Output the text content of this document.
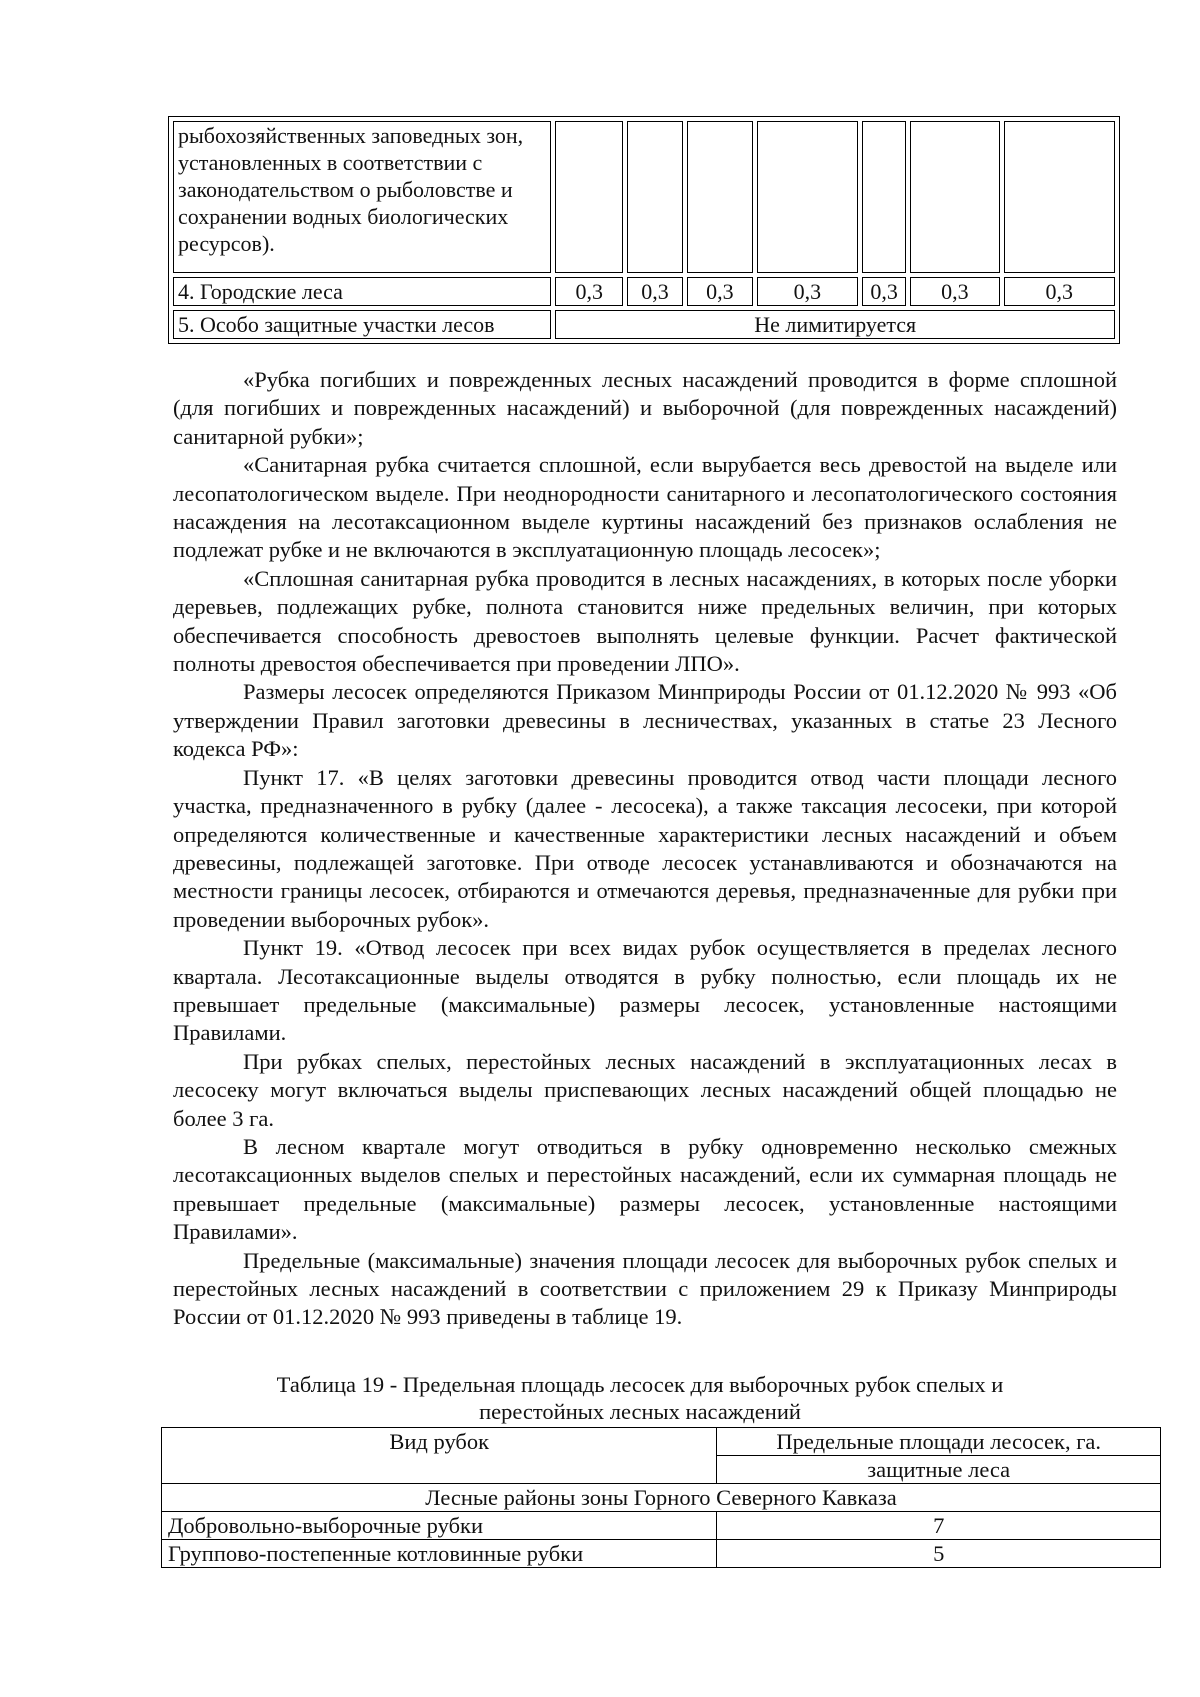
рыбохозяйственных заповедных зон, установленных в соответствии с законодательством о рыболовстве и сохранении водных биологических ресурсов).							
4. Городские леса	0,3	0,3	0,3	0,3	0,3	0,3	0,3
5. Особо защитные участки лесов	Не лимитируется						

«Рубка погибших и поврежденных лесных насаждений проводится в форме сплошной (для погибших и поврежденных насаждений) и выборочной (для поврежденных насаждений) санитарной рубки»;

«Санитарная рубка считается сплошной, если вырубается весь древостой на выделе или лесопатологическом выделе. При неоднородности санитарного и лесопатологического состояния насаждения на лесотаксационном выделе куртины насаждений без признаков ослабления не подлежат рубке и не включаются в эксплуатационную площадь лесосек»;

«Сплошная санитарная рубка проводится в лесных насаждениях, в которых после уборки деревьев, подлежащих рубке, полнота становится ниже предельных величин, при которых обеспечивается способность древостоев выполнять целевые функции. Расчет фактической полноты древостоя обеспечивается при проведении ЛПО».

Размеры лесосек определяются Приказом Минприроды России от 01.12.2020 № 993 «Об утверждении Правил заготовки древесины в лесничествах, указанных в статье 23 Лесного кодекса РФ»:

Пункт 17. «В целях заготовки древесины проводится отвод части площади лесного участка, предназначенного в рубку (далее - лесосека), а также таксация лесосеки, при которой определяются количественные и качественные характеристики лесных насаждений и объем древесины, подлежащей заготовке. При отводе лесосек устанавливаются и обозначаются на местности границы лесосек, отбираются и отмечаются деревья, предназначенные для рубки при проведении выборочных рубок».

Пункт 19. «Отвод лесосек при всех видах рубок осуществляется в пределах лесного квартала. Лесотаксационные выделы отводятся в рубку полностью, если площадь их не превышает предельные (максимальные) размеры лесосек, установленные настоящими Правилами.

При рубках спелых, перестойных лесных насаждений в эксплуатационных лесах в лесосеку могут включаться выделы приспевающих лесных насаждений общей площадью не более 3 га.

В лесном квартале могут отводиться в рубку одновременно несколько смежных лесотаксационных выделов спелых и перестойных насаждений, если их суммарная площадь не превышает предельные (максимальные) размеры лесосек, установленные настоящими Правилами».

Предельные (максимальные) значения площади лесосек для выборочных рубок спелых и перестойных лесных насаждений в соответствии с приложением 29 к Приказу Минприроды России от 01.12.2020 № 993 приведены в таблице 19.

Таблица 19 - Предельная площадь лесосек для выборочных рубок спелых и
перестойных лесных насаждений
Вид рубок	Предельные площади лесосек, га.
	защитные леса
Лесные районы зоны Горного Северного Кавказа	
Добровольно-выборочные рубки	7
Группово-постепенные котловинные рубки	5
